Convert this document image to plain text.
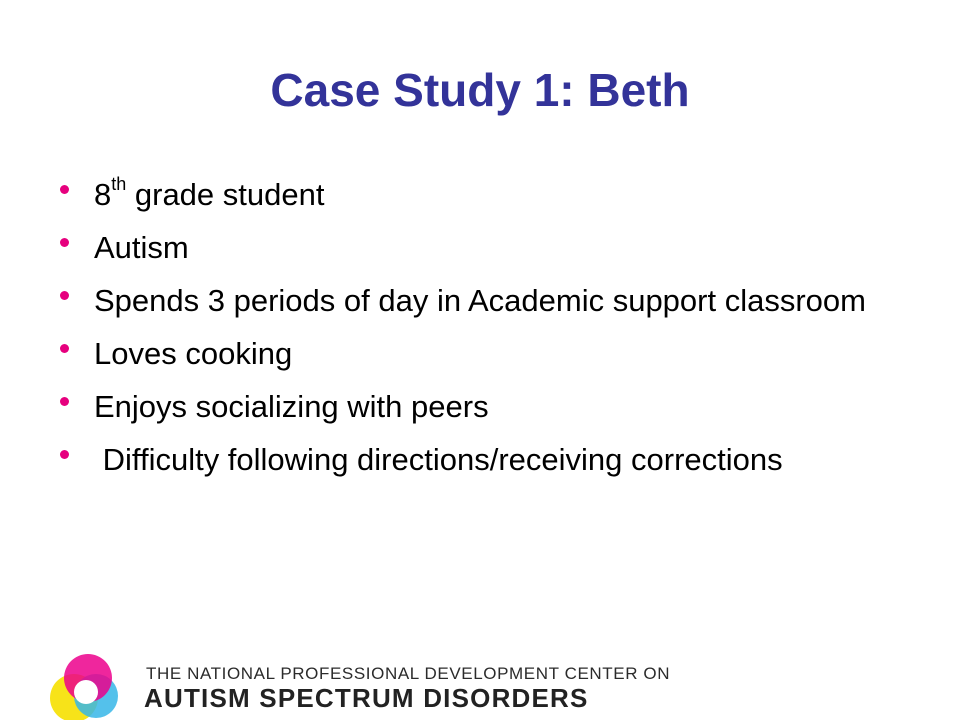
Case Study 1: Beth
8th grade student
Autism
Spends 3 periods of day in Academic support classroom
Loves cooking
Enjoys socializing with peers
Difficulty following directions/receiving corrections
THE NATIONAL PROFESSIONAL DEVELOPMENT CENTER ON
AUTISM SPECTRUM DISORDERS
